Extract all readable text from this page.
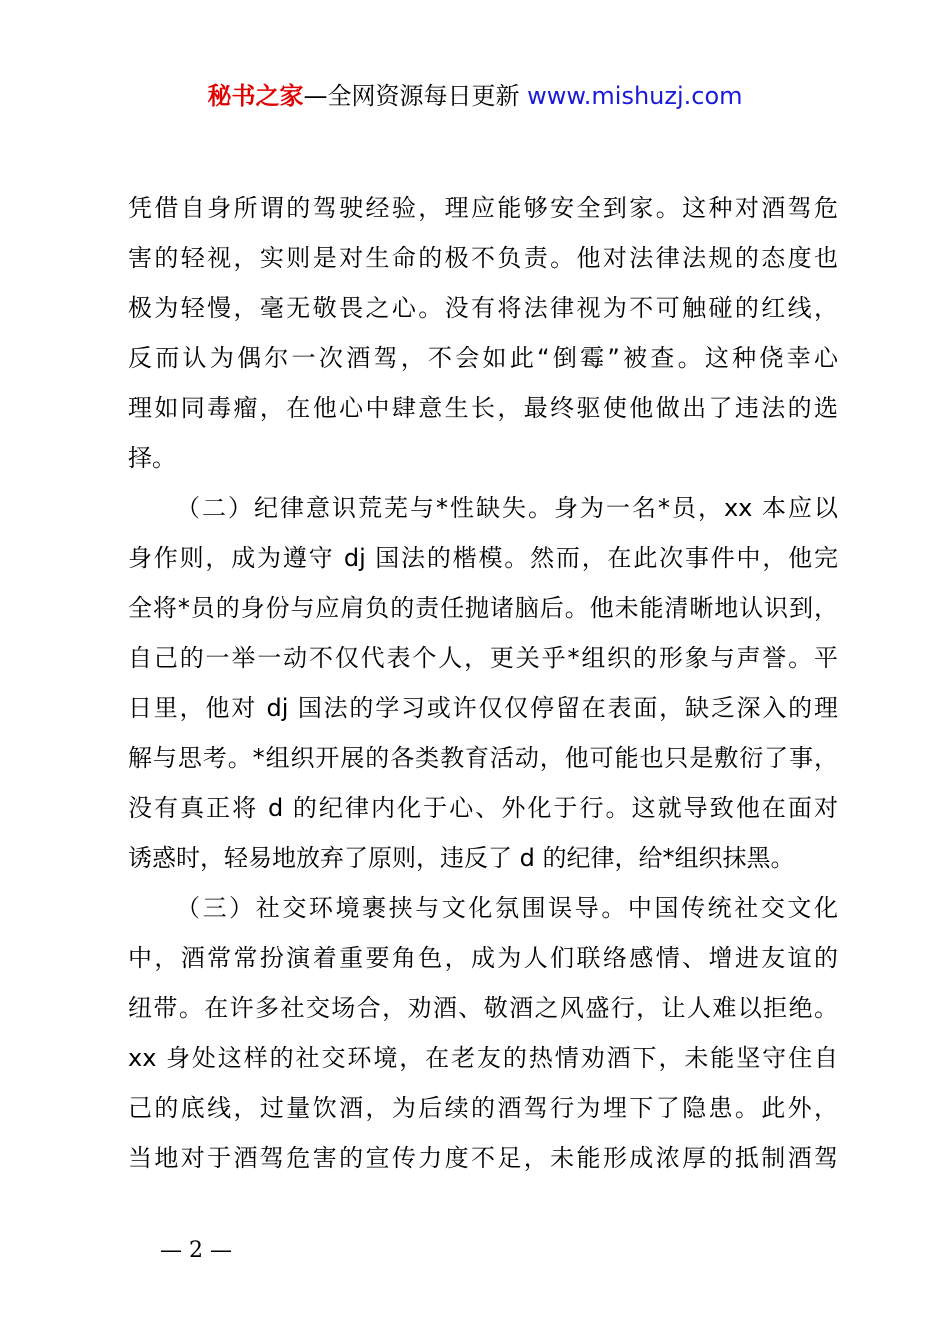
秘书之家—全网资源每日更新 www.mishuzj.com
凭借自身所谓的驾驶经验，理应能够安全到家。这种对酒驾危
害的轻视，实则是对生命的极不负责。他对法律法规的态度也
极为轻慢，毫无敬畏之心。没有将法律视为不可触碰的红线，
反而认为偶尔一次酒驾，不会如此“倒霉”被查。这种侥幸心
理如同毒瘤，在他心中肆意生长，最终驱使他做出了违法的选
择。
（二）纪律意识荒芜与*性缺失。身为一名*员，xx 本应以
身作则，成为遵守 dj 国法的楷模。然而，在此次事件中，他完
全将*员的身份与应肩负的责任抛诸脑后。他未能清晰地认识到，
自己的一举一动不仅代表个人，更关乎*组织的形象与声誉。平
日里，他对 dj 国法的学习或许仅仅停留在表面，缺乏深入的理
解与思考。*组织开展的各类教育活动，他可能也只是敷衍了事，
没有真正将 d 的纪律内化于心、外化于行。这就导致他在面对
诱惑时，轻易地放弃了原则，违反了 d 的纪律，给*组织抹黑。
（三）社交环境裹挟与文化氛围误导。中国传统社交文化
中，酒常常扮演着重要角色，成为人们联络感情、增进友谊的
纽带。在许多社交场合，劝酒、敬酒之风盛行，让人难以拒绝。
xx 身处这样的社交环境，在老友的热情劝酒下，未能坚守住自
己的底线，过量饮酒，为后续的酒驾行为埋下了隐患。此外，
当地对于酒驾危害的宣传力度不足，未能形成浓厚的抵制酒驾
— 2 —
